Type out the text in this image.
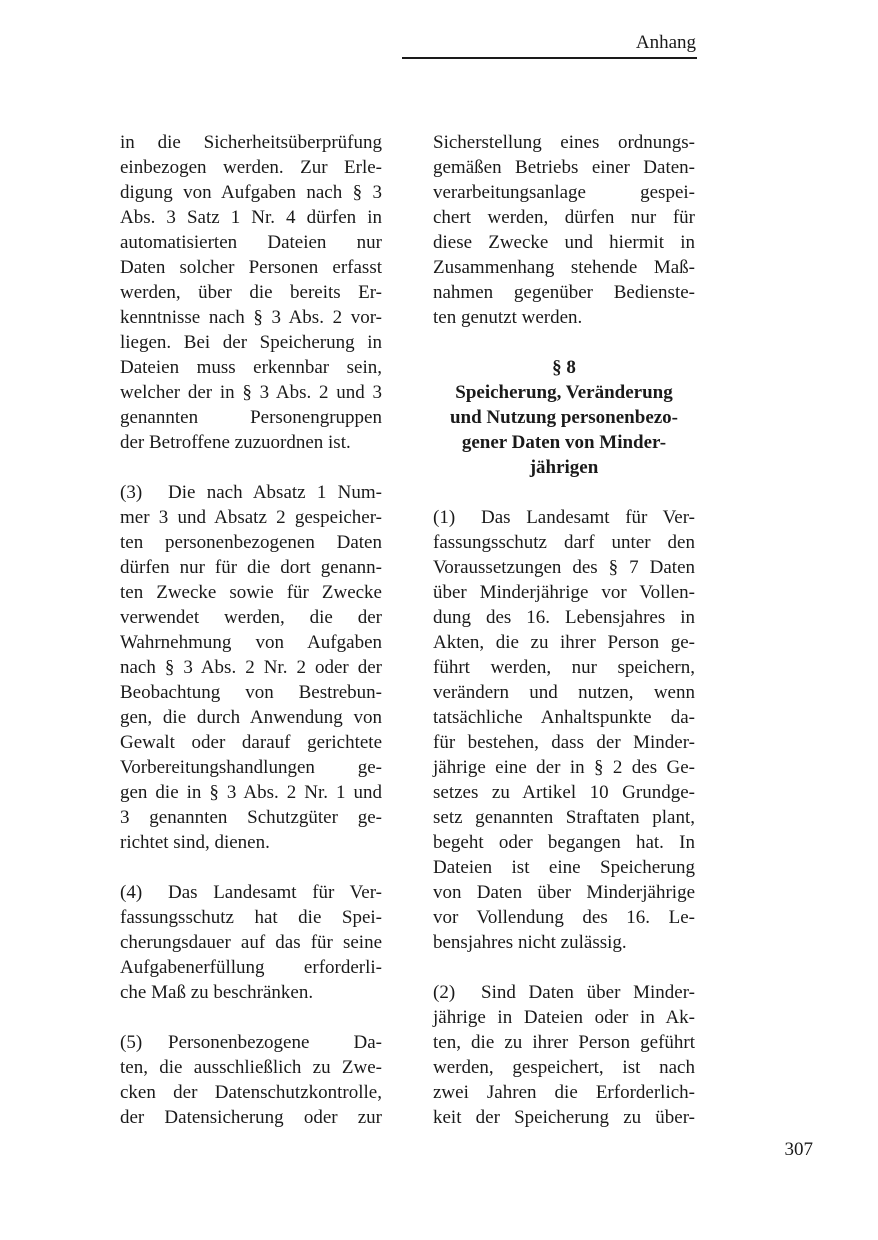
Anhang
in die Sicherheitsüberprüfung
einbezogen werden. Zur Erle-
digung von Aufgaben nach § 3
Abs. 3 Satz 1 Nr. 4 dürfen in
automatisierten Dateien nur
Daten solcher Personen erfasst
werden, über die bereits Er-
kenntnisse nach § 3 Abs. 2 vor-
liegen. Bei der Speicherung in
Dateien muss erkennbar sein,
welcher der in § 3 Abs. 2 und 3
genannten Personengruppen
der Betroffene zuzuordnen ist.
(3) Die nach Absatz 1 Num-
mer 3 und Absatz 2 gespeicher-
ten personenbezogenen Daten
dürfen nur für die dort genann-
ten Zwecke sowie für Zwecke
verwendet werden, die der
Wahrnehmung von Aufgaben
nach § 3 Abs. 2 Nr. 2 oder der
Beobachtung von Bestrebun-
gen, die durch Anwendung von
Gewalt oder darauf gerichtete
Vorbereitungshandlungen ge-
gen die in § 3 Abs. 2 Nr. 1 und
3 genannten Schutzgüter ge-
richtet sind, dienen.
(4) Das Landesamt für Ver-
fassungsschutz hat die Spei-
cherungsdauer auf das für seine
Aufgabenerfüllung erforderli-
che Maß zu beschränken.
(5) Personenbezogene Da-
ten, die ausschließlich zu Zwe-
cken der Datenschutzkontrolle,
der Datensicherung oder zur
Sicherstellung eines ordnungs-
gemäßen Betriebs einer Daten-
verarbeitungsanlage gespei-
chert werden, dürfen nur für
diese Zwecke und hiermit in
Zusammenhang stehende Maß-
nahmen gegenüber Bedienste-
ten genutzt werden.
§ 8
Speicherung, Veränderung
und Nutzung personenbezo-
gener Daten von Minder-
jährigen
(1) Das Landesamt für Ver-
fassungsschutz darf unter den
Voraussetzungen des § 7 Daten
über Minderjährige vor Vollen-
dung des 16. Lebensjahres in
Akten, die zu ihrer Person ge-
führt werden, nur speichern,
verändern und nutzen, wenn
tatsächliche Anhaltspunkte da-
für bestehen, dass der Minder-
jährige eine der in § 2 des Ge-
setzes zu Artikel 10 Grundge-
setz genannten Straftaten plant,
begeht oder begangen hat. In
Dateien ist eine Speicherung
von Daten über Minderjährige
vor Vollendung des 16. Le-
bensjahres nicht zulässig.
(2) Sind Daten über Minder-
jährige in Dateien oder in Ak-
ten, die zu ihrer Person geführt
werden, gespeichert, ist nach
zwei Jahren die Erforderlich-
keit der Speicherung zu über-
307
